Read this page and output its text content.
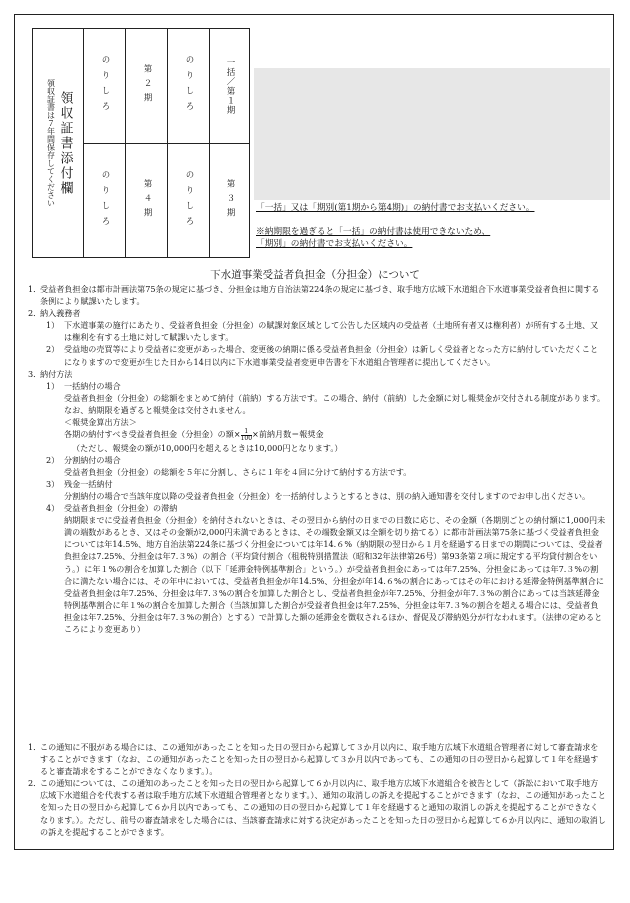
領収証書添付欄
領収証書は７年間保存してください	のりしろ	第２期	のりしろ	一括／第１期
のりしろ	第４期	のりしろ	第３期 「一括」又は「期別(第1期から第4期)」の納付書でお支払いください。
※納期限を過ぎると「一括」の納付書は使用できないため、
「期別」の納付書でお支払いください。
下水道事業受益者負担金（分担金）について

1．
受益者負担金は都市計画法第75条の規定に基づき、分担金は地方自治法第224条の規定に基づき、取手地方広域下水道組合下水道事業受益者負担に関する条例により賦課いたします。

2．
納入義務者

1） 下水道事業の施行にあたり、受益者負担金（分担金）の賦課対象区域として公告した区域内の受益者（土地所有者又は権利者）が所有する土地、又は権利を有する土地に対して賦課いたします。

2） 受益地の売買等により受益者に変更があった場合、変更後の納期に係る受益者負担金（分担金）は新しく受益者となった方に納付していただくことになりますので変更が生じた日から14日以内に下水道事業受益者変更申告書を下水道組合管理者に提出してください。

3．
納付方法

1） 一括納付の場合

受益者負担金（分担金）の総額をまとめて納付（前納）する方法です。この場合、納付（前納）した金額に対し報奨金が交付される制度があります。なお、納期限を過ぎると報奨金は交付されません。

＜報奨金算出方法＞

各期の納付すべき受益者負担金（分担金）の額× $\frac{1}{100}$ ×前納月数＝報奨金

（ただし、報奨金の額が10,000円を超えるときは10,000円となります。）

2） 分割納付の場合

受益者負担金（分担金）の総額を５年に分割し、さらに１年を４回に分けて納付する方法です。

3） 残金一括納付

分割納付の場合で当該年度以降の受益者負担金（分担金）を一括納付しようとするときは、別の納入通知書を交付しますのでお申し出ください。

4） 受益者負担金（分担金）の滞納

納期限までに受益者負担金（分担金）を納付されないときは、その翌日から納付の日までの日数に応じ、その金額（各期別ごとの納付額に1,000円未満の端数があるとき、又はその金額が2,000円未満であるときは、その端数金額又は全額を切り捨てる）に都市計画法第75条に基づく受益者負担金については年14.5%、地方自治法第224条に基づく分担金については年14.６%（納期限の翌日から１月を経過する日までの期間については、受益者負担金は7.25%、分担金は年7.３%）の割合（平均貸付割合（租税特別措置法（昭和32年法律第26号）第93条第２項に規定する平均貸付割合をいう。）に年１%の割合を加算した割合（以下「延滞金特例基準割合」という。）が受益者負担金にあっては年7.25%、分担金にあっては年7.３%の割合に満たない場合には、その年中においては、受益者負担金が年14.5%、分担金が年14.６%の割合にあってはその年における延滞金特例基準割合に受益者負担金は年7.25%、分担金は年7.３%の割合を加算した割合とし、受益者負担金が年7.25%、分担金が年7.３%の割合にあっては当該延滞金特例基準割合に年１%の割合を加算した割合（当該加算した割合が受益者負担金は年7.25%、分担金は年7.３%の割合を超える場合には、受益者負担金は年7.25%、分担金は年7.３%の割合）とする）で計算した額の延滞金を徴収されるほか、督促及び滞納処分が行なわれます。（法律の定めるところにより変更あり）

1．
この通知に不服がある場合には、この通知があったことを知った日の翌日から起算して３か月以内に、取手地方広域下水道組合管理者に対して審査請求をすることができます（なお、この通知があったことを知った日の翌日から起算して３か月以内であっても、この通知の日の翌日から起算して１年を経過すると審査請求をすることができなくなります。）。

2．
この通知については、この通知のあったことを知った日の翌日から起算して６か月以内に、取手地方広域下水道組合を被告として（訴訟において取手地方広域下水道組合を代表する者は取手地方広域下水道組合管理者となります。）、通知の取消しの訴えを提起することができます（なお、この通知があったことを知った日の翌日から起算して６か月以内であっても、この通知の日の翌日から起算して１年を経過すると通知の取消しの訴えを提起することができなくなります。）。ただし、前号の審査請求をした場合には、当該審査請求に対する決定があったことを知った日の翌日から起算して６か月以内に、通知の取消しの訴えを提起することができます。
